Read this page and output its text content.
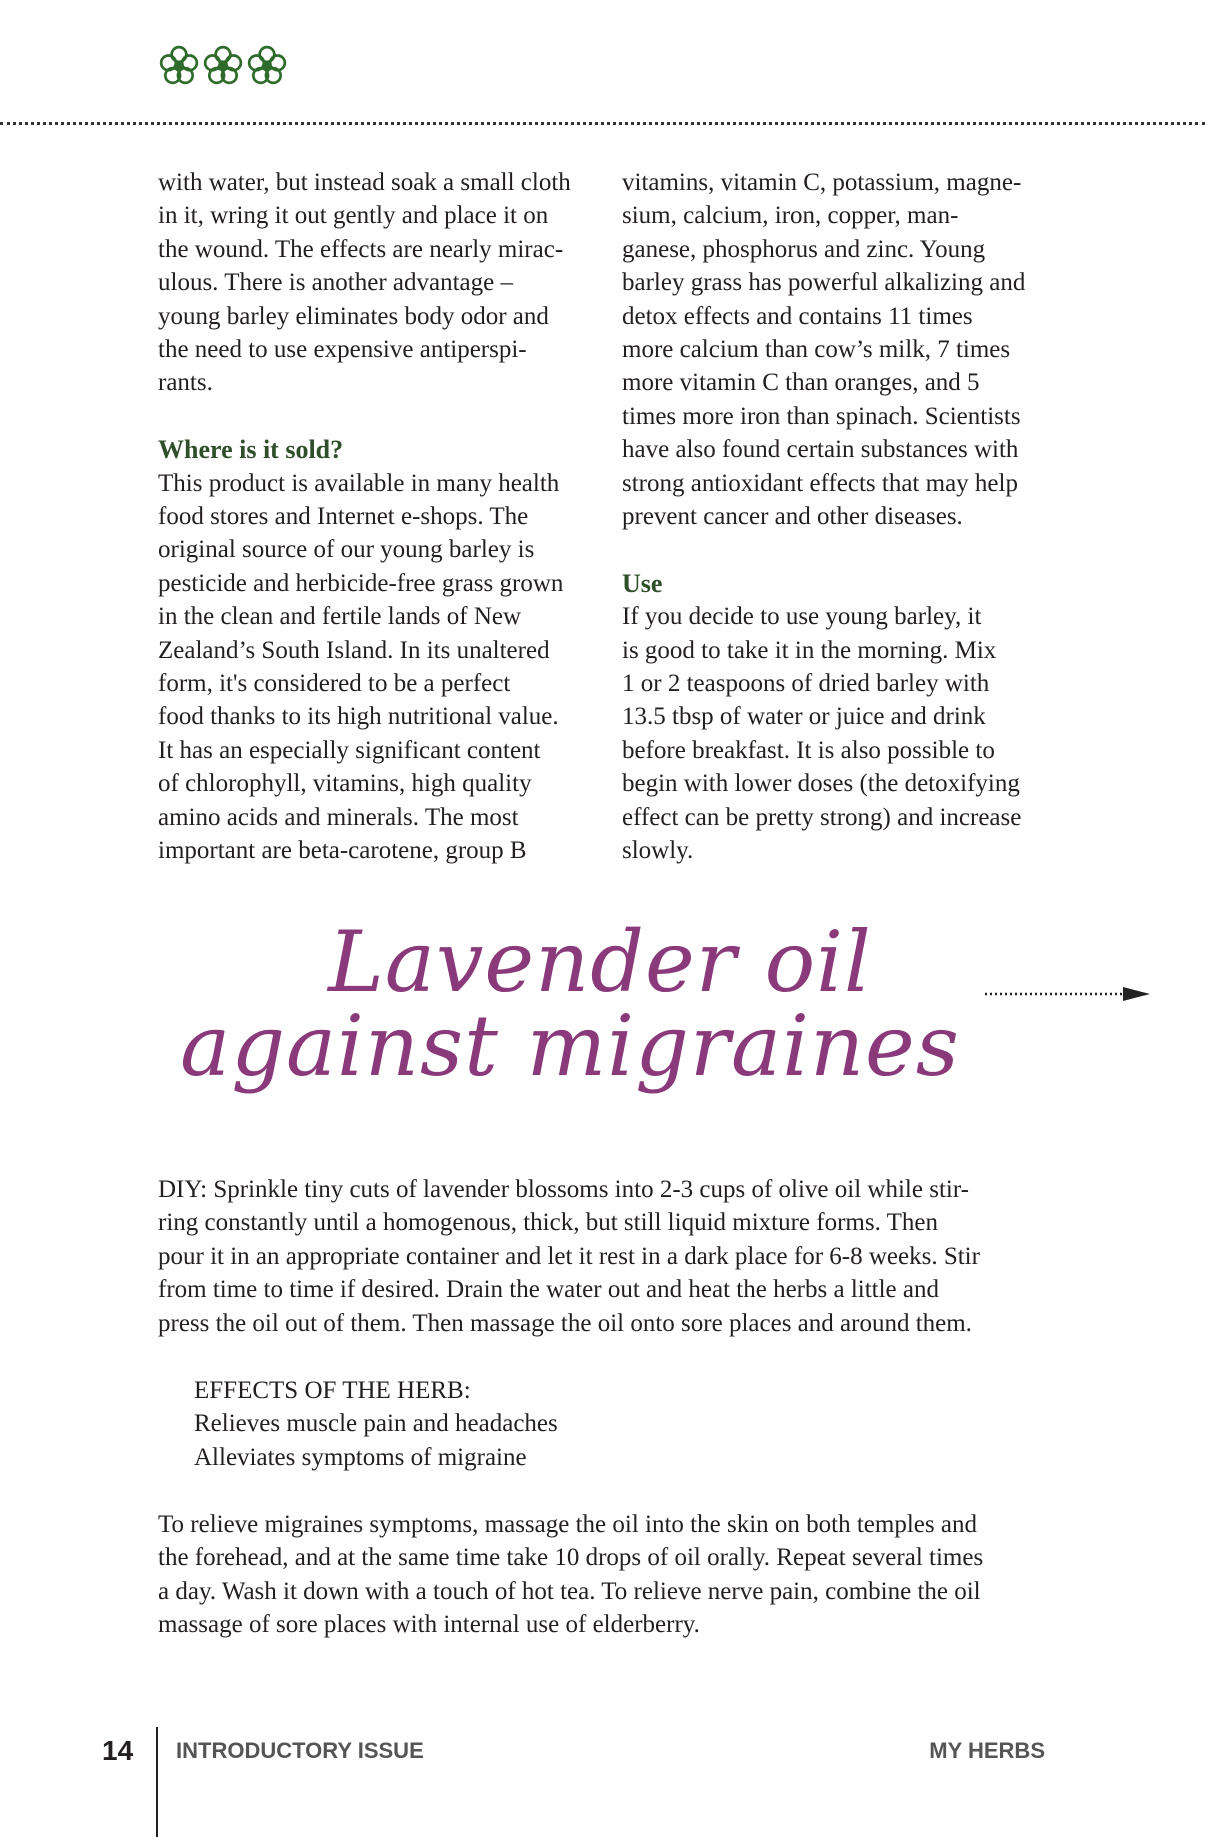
with water, but instead soak a small cloth
in it, wring it out gently and place it on
the wound. The effects are nearly mirac-
ulous. There is another advantage –
young barley eliminates body odor and
the need to use expensive antiperspi-
rants.

Where is it sold?

This product is available in many health
food stores and Internet e-shops. The
original source of our young barley is
pesticide and herbicide-free grass grown
in the clean and fertile lands of New
Zealand’s South Island. In its unaltered
form, it's considered to be a perfect
food thanks to its high nutritional value.
It has an especially significant content
of chlorophyll, vitamins, high quality
amino acids and minerals. The most
important are beta-carotene, group B

vitamins, vitamin C, potassium, magne-
sium, calcium, iron, copper, man-
ganese, phosphorus and zinc. Young
barley grass has powerful alkalizing and
detox effects and contains 11 times
more calcium than cow’s milk, 7 times
more vitamin C than oranges, and 5
times more iron than spinach. Scientists
have also found certain substances with
strong antioxidant effects that may help
prevent cancer and other diseases.

Use

If you decide to use young barley, it
is good to take it in the morning. Mix
1 or 2 teaspoons of dried barley with
13.5 tbsp of water or juice and drink
before breakfast. It is also possible to
begin with lower doses (the detoxifying
effect can be pretty strong) and increase
slowly.

Lavender oil
against migraines

DIY: Sprinkle tiny cuts of lavender blossoms into 2-3 cups of olive oil while stir-
ring constantly until a homogenous, thick, but still liquid mixture forms. Then
pour it in an appropriate container and let it rest in a dark place for 6-8 weeks. Stir
from time to time if desired. Drain the water out and heat the herbs a little and
press the oil out of them. Then massage the oil onto sore places and around them.

EFFECTS OF THE HERB:
Relieves muscle pain and headaches
Alleviates symptoms of migraine

To relieve migraines symptoms, massage the oil into the skin on both temples and
the forehead, and at the same time take 10 drops of oil orally. Repeat several times
a day. Wash it down with a touch of hot tea. To relieve nerve pain, combine the oil
massage of sore places with internal use of elderberry.

14 INTRODUCTORY ISSUE	MY HERBS
